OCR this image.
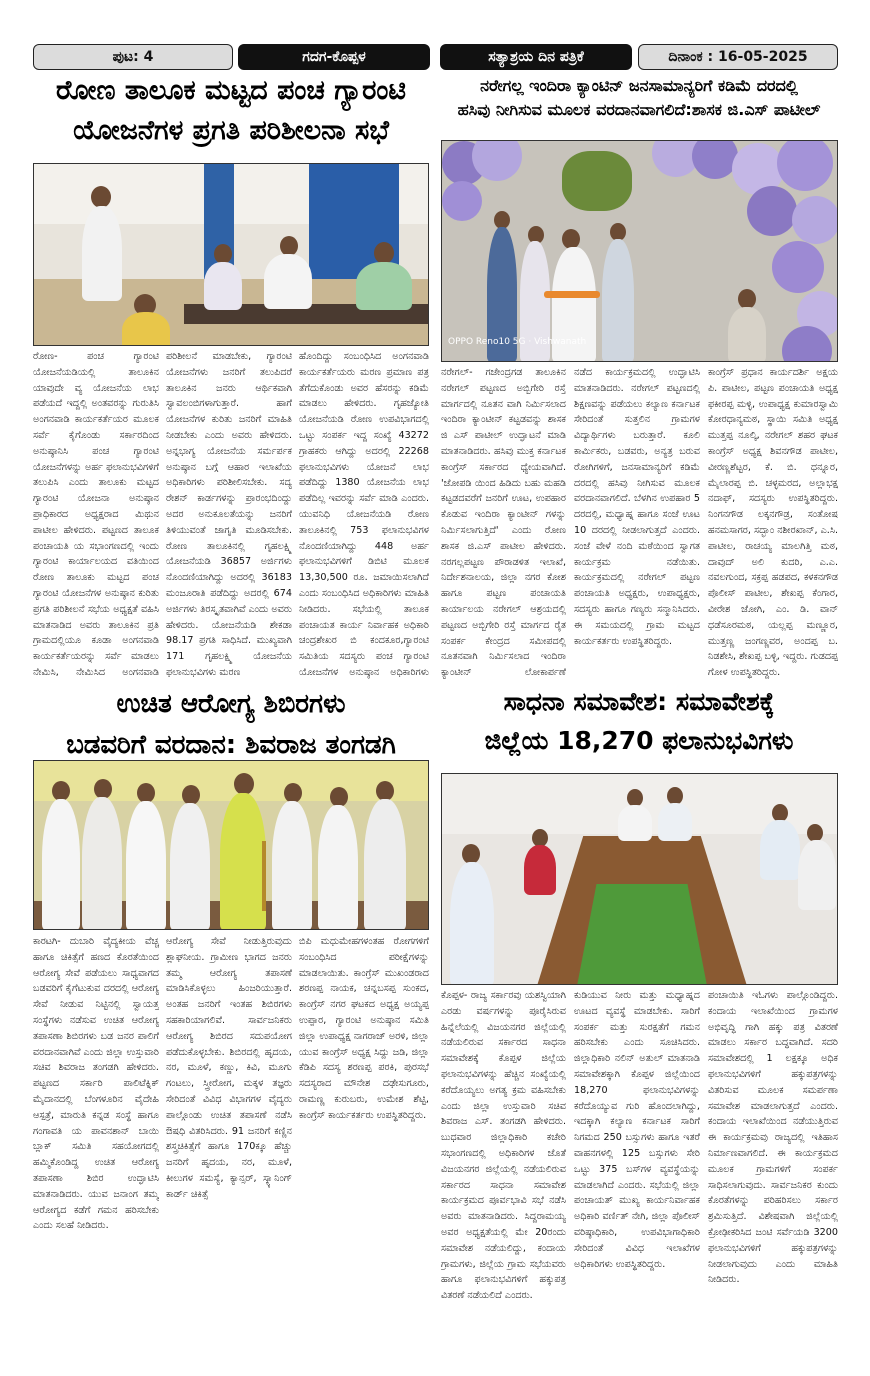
ಪುಟ: 4	ಗದಗ-ಕೊಪ್ಪಳ	ಸತ್ಯಾಶ್ರಯ ದಿನ ಪತ್ರಿಕೆ	ದಿನಾಂಕ : 16-05-2025
ರೋಣ ತಾಲೂಕ ಮಟ್ಟದ ಪಂಚ ಗ್ಯಾರಂಟಿ
ಯೋಜನೆಗಳ ಪ್ರಗತಿ ಪರಿಶೀಲನಾ ಸಭೆ

ರೋಣ- ಪಂಚ ಗ್ಯಾರಂಟಿ ಯೋಜನೆಯಡಿಯಲ್ಲಿ ತಾಲೂಕಿನ ಯಾವುದೇ ವ್ಯ ಯೋಜನೆಯ ಲಾಭ ಪಡೆಯದೆ ಇದ್ದಲ್ಲಿ ಅಂತವರನ್ನು ಗುರುತಿಸಿ ಅಂಗನವಾಡಿ ಕಾರ್ಯಕರ್ತೆಯರ ಮೂಲಕ ಸರ್ವೆ ಕೈಗೊಂಡು ಸರ್ಕಾರದಿಂದ ಅನುಷ್ಠಾನಿಸಿ ಪಂಚ ಗ್ಯಾರಂಟಿ ಯೋಜನೆಗಳನ್ನು ಅರ್ಹ ಫಲಾನುಭವಿಗಳಿಗೆ ತಲುಪಿಸಿ ಎಂದು ತಾಲೂಕು ಮಟ್ಟದ ಗ್ಯಾರಂಟಿ ಯೋಜನಾ ಅನುಷ್ಠಾನ ಪ್ರಾಧಿಕಾರದ ಅಧ್ಯಕ್ಷರಾದ ಮಿಥುನ ಪಾಟೀಲ ಹೇಳಿದರು. ಪಟ್ಟಣದ ತಾಲೂಕ ಪಂಚಾಯತಿ ಯ ಸಭಾಂಗಣದಲ್ಲಿ ಇಂದು ಗ್ಯಾರಂಟಿ ಕಾರ್ಯಾಲಯದ ವತಿಯಿಂದ ರೋಣ ತಾಲೂಕು ಮಟ್ಟದ ಪಂಚ ಗ್ಯಾರಂಟಿ ಯೋಜನೆಗಳ ಅನುಷ್ಠಾನ ಕುರಿತು ಪ್ರಗತಿ ಪರಿಶೀಲನೆ ಸಭೆಯ ಅಧ್ಯಕ್ಷತೆ ವಹಿಸಿ ಮಾತನಾಡಿದ ಅವರು ತಾಲೂಕಿನ ಪ್ರತಿ ಗ್ರಾಮದಲ್ಲಿಯೂ ಕೂಡಾ ಅಂಗನವಾಡಿ ಕಾರ್ಯಕರ್ತೆಯರನ್ನು ಸರ್ವೆ ಮಾಡಲು ನೇಮಿಸಿ, ನೇಮಿಸಿದ ಅಂಗನವಾಡಿ

ಪರಿಶೀಲನೆ ಮಾಡಬೇಕು, ಗ್ಯಾರಂಟಿ ಯೋಜನೆಗಳು ಜನರಿಗೆ ತಲುಪಿದರೆ ತಾಲೂಕಿನ ಜನರು ಆರ್ಥಿಕವಾಗಿ ಸ್ವಾವಲಂಬಿಗಳಾಗುತ್ತಾರೆ. ಹಾಗೆ ಯೋಜನೆಗಳ ಕುರಿತು ಜನರಿಗೆ ಮಾಹಿತಿ ನೀಡಬೇಕು ಎಂದು ಅವರು ಹೇಳಿದರು. ಅನ್ನಭಾಗ್ಯ ಯೋಜನೆಯ ಸರ್ಮರ್ಪಕ ಅನುಷ್ಠಾನ ಬಗ್ಗೆ ಆಹಾರ ಇಲಾಖೆಯ ಅಧಿಕಾರಿಗಳು ಪರಿಶೀಲಿಸಬೇಕು. ಸದ್ಯ ರೇಶನ್ ಕಾರ್ಡಗಳನ್ನು ಪ್ರಾರಂಭದಿಂದ್ದು ಅದರ ಅನುಕೂಲತೆಯನ್ನು ಜನರಿಗೆ ತಿಳಿಯುವಂತೆ ಜಾಗೃತಿ ಮೂಡಿಸಬೇಕು. ರೋಣ ತಾಲೂಕಿನಲ್ಲಿ ಗೃಹಲಕ್ಷ್ಮಿ ಯೋಜನೆಯಡಿ 36857 ಅರ್ಜಿಗಳು ನೊಂದಣಿಯಾಗಿದ್ದು ಅದರಲ್ಲಿ 36183 ಮಂಜೂರಾತಿ ಪಡೆದಿದ್ದು ಅದರಲ್ಲಿ 674 ಅರ್ಜಿಗಳು ತಿರಸ್ಕೃತವಾಗಿವೆ ಎಂದು ಅವರು ಹೇಳಿದರು. ಯೋಜನೆಯಡಿ ಶೇಕಡಾ 98.17 ಪ್ರಗತಿ ಸಾಧಿಸಿದೆ. ಮುಖ್ಯವಾಗಿ 171 ಗೃಹಲಕ್ಷ್ಮಿ ಯೋಜನೆಯ ಫಲಾನುಭವಿಗಳು ಮರಣ

ಹೊಂದಿದ್ದು ಸಂಬಂಧಿಸಿದ ಅಂಗನವಾಡಿ ಕಾರ್ಯಕರ್ತೆಯರು ಮರಣ ಪ್ರಮಾಣ ಪತ್ರ ತೆಗೆದುಕೊಂಡು ಅವರ ಹೆಸರನ್ನು ಕಡಿಮೆ ಮಾಡಲು ಹೇಳಿದರು. ಗೃಹಜ್ಯೋತಿ ಯೋಜನೆಯಡಿ ರೋಣ ಉಪವಿಭಾಗದಲ್ಲಿ ಒಟ್ಟು ಸಂಪರ್ಕ ಇದ್ದ ಸಂಖ್ಯೆ 43272 ಗ್ರಾಹಕರು ಆಗಿದ್ದು ಅದರಲ್ಲಿ 22268 ಫಲಾನುಭವಿಗಳು ಯೋಜನೆ ಲಾಭ ಪಡೆದಿದ್ದು 1380 ಯೋಜನೆಯ ಲಾಭ ಪಡೆದಿಲ್ಲ ಇವರನ್ನು ಸರ್ವೆ ಮಾಡಿ ಎಂದರು. ಯುವನಿಧಿ ಯೋಜನೆಯಡಿ ರೋಣ ತಾಲೂಕಿನಲ್ಲಿ 753 ಫಲಾನುಭವಿಗಳ ನೊಂದಣಿಯಾಗಿದ್ದು 448 ಅರ್ಹ ಫಲಾನುಭವಿಗಳಿಗೆ ಡಿಬಿಟಿ ಮೂಲಕ 13,30,500 ರೂ. ಜಮಾಯಿಸಲಾಗಿದೆ ಎಂದು ಸಂಬಂಧಿಸಿದ ಅಧಿಕಾರಿಗಳು ಮಾಹಿತಿ ನೀಡಿದರು. ಸಭೆಯಲ್ಲಿ ತಾಲೂಕ ಪಂಚಾಯತ ಕಾರ್ಯ ನಿರ್ವಾಹಕ ಅಧಿಕಾರಿ ಚಂದ್ರಶೇಖರ ಬಿ ಕಂದಕೂರ,ಗ್ಯಾರಂಟಿ ಸಮಿತಿಯ ಸದಸ್ಯರು ಪಂಚ ಗ್ಯಾರಂಟಿ ಯೋಜನೆಗಳ ಅನುಷ್ಠಾನ ಅಧಿಕಾರಿಗಳು

ನರೇಗಲ್ಲ ಇಂದಿರಾ ಕ್ಯಾಂಟಿನ್ ಜನಸಾಮಾನ್ಯರಿಗೆ ಕಡಿಮೆ ದರದಲ್ಲಿ
ಹಸಿವು ನೀಗಿಸುವ ಮೂಲಕ ವರದಾನವಾಗಲಿದೆ:ಶಾಸಕ ಜಿ.ಎಸ್ ಪಾಟೀಲ್
OPPO Reno10 5G · Vishwanath

ನರೇಗಲ್- ಗಜೇಂದ್ರಗಡ ತಾಲೂಕಿನ ನರೇಗಲ್ ಪಟ್ಟಣದ ಅಬ್ಬಿಗೇರಿ ರಸ್ತೆ ಮಾರ್ಗದಲ್ಲಿ ನೂತನ ವಾಗಿ ನಿರ್ಮಿಸಲಾದ ಇಂದಿರಾ ಕ್ಯಾಂಟೀನ್ ಕಟ್ಟಡವನ್ನು ಶಾಸಕ ಜಿ ಎಸ್ ಪಾಟೀಲ್ ಉದ್ಘಾಟನೆ ಮಾಡಿ ಮಾತನಾಡಿದರು. ಹಸಿವು ಮುಕ್ತ ಕರ್ನಾಟಕ ಕಾಂಗ್ರೆಸ್ ಸರ್ಕಾರದ ಧ್ಯೇಯವಾಗಿದೆ. 'ಜೋಪಡಿ ಯಿಂದ ಹಿಡಿದು ಬಹು ಮಹಡಿ ಕಟ್ಟಡದವರೆಗೆ ಜನರಿಗೆ ಊಟ, ಉಪಹಾರ ಕೊಡುವ ಇಂದಿರಾ ಕ್ಯಾಂಟೀನ್ ಗಳನ್ನು ನಿರ್ಮಿಸಲಾಗುತ್ತಿದೆ' ಎಂದು ರೋಣ ಶಾಸಕ ಜಿ.ಎಸ್ ಪಾಟೀಲ ಹೇಳಿದರು. ನರಗಲ್ಲಪಟ್ಟಣ ಪೌರಾಡಳಿತ ಇಲಾಖೆ, ನಿರ್ದೇಶನಾಲಯ, ಜಿಲ್ಲಾ ನಗರ ಕೋಶ ಹಾಗೂ ಪಟ್ಟಣ ಪಂಚಾಯತಿ ಕಾರ್ಯಾಲಯ ನರೇಗಲ್ ಆಶ್ರಯದಲ್ಲಿ ಪಟ್ಟಣದ ಅಬ್ಬಿಗೇರಿ ರಸ್ತೆ ಮಾರ್ಗದ ರೈತ ಸಂಪರ್ಕ ಕೇಂದ್ರದ ಸಮೀಪದಲ್ಲಿ ನೂತನವಾಗಿ ನಿರ್ಮಿಸಲಾದ ಇಂದಿರಾ ಕ್ಯಾಂಟೀನ್ ಲೋಕಾರ್ಪಣೆ

ನಡೆದ ಕಾರ್ಯಕ್ರಮದಲ್ಲಿ ಉದ್ಘಾಟಿಸಿ ಮಾತನಾಡಿದರು. ನರೇಗಲ್ ಪಟ್ಟಣದಲ್ಲಿ ಶಿಕ್ಷಣವನ್ನು ಪಡೆಯಲು ಕಲ್ಯಾಣ ಕರ್ನಾಟಕ ಸೇರಿದಂತೆ ಸುತ್ತಲಿನ ಗ್ರಾಮಗಳ ವಿದ್ಯಾರ್ಥಿಗಳು ಬರುತ್ತಾರೆ. ಕೂಲಿ ಕಾರ್ಮಿಕರು, ಬಡವರು, ಅನ್ಯತ್ರ ಬರುವ ರೋಗಿಗಳಿಗೆ, ಜನಸಾಮಾನ್ಯರಿಗೆ ಕಡಿಮೆ ದರದಲ್ಲಿ ಹಸಿವು ನೀಗಿಸುವ ಮೂಲಕ ವರದಾನವಾಗಲಿದೆ. ಬೆಳಗಿನ ಉಪಹಾರ 5 ದರದಲ್ಲಿ, ಮಧ್ಯಾಹ್ನ ಹಾಗೂ ಸಂಜೆ ಊಟ 10 ದರದಲ್ಲಿ ನೀಡಲಾಗುತ್ತದೆ ಎಂದರು. ಸಂಜೆ ವೇಳೆ ನಂದಿ ಮಠೆಯಿಂದ ಸ್ವಾಗತ ಕಾರ್ಯಕ್ರಮ ನಡೆಯಿತು. ಕಾರ್ಯಕ್ರಮದಲ್ಲಿ ನರೇಗಲ್ ಪಟ್ಟಣ ಪಂಚಾಯತಿ ಅಧ್ಯಕ್ಷರು, ಉಪಾಧ್ಯಕ್ಷರು, ಸದಸ್ಯರು ಹಾಗೂ ಗಣ್ಯರು ಸನ್ಮಾನಿಸಿದರು. ಈ ಸಮಯದಲ್ಲಿ ಗ್ರಾಮ ಮಟ್ಟದ ಕಾರ್ಯಕರ್ತರು ಉಪಸ್ಥಿತರಿದ್ದರು.

ಕಾಂಗ್ರೆಸ್ ಪ್ರಧಾನ ಕಾರ್ಯದರ್ಶಿ ಅಕ್ಷಯ ಪಿ. ಪಾಟೀಲ, ಪಟ್ಟಣ ಪಂಚಾಯತಿ ಅಧ್ಯಕ್ಷ ಫಕೀರಪ್ಪ ಮಳ್ಳಿ, ಉಪಾಧ್ಯಕ್ಷ ಕುಮಾರಸ್ವಾಮಿ ಕೋರಧಾನ್ಯಮಠ, ಸ್ಥಾಯಿ ಸಮಿತಿ ಅಧ್ಯಕ್ಷ ಮುತ್ತಪ್ಪ ನೂಲ್ಕಿ, ನರೇಗಲ್ ಶಹರ ಘಟಕ ಕಾಂಗ್ರೆಸ್ ಅಧ್ಯಕ್ಷ ಶಿವನಗೌಡ ಪಾಟೀಲ, ವೀರಣ್ಣಶೆಟ್ಟರ, ಕೆ. ಬಿ. ಧನ್ನೂರ, ಮೈಲಾರಪ್ಪ ಬಿ. ಚಳ್ಳಮರದ, ಅಲ್ಲಾಭಕ್ಷ ನದಾಫ್, ಸದಸ್ಯರು ಉಪಸ್ಥಿತರಿದ್ದರು. ನಿಂಗನಗೌಡ ಲಕ್ಕನಗೌಡ್ರ, ಸಂತೋಷ ಹನಮಸಾಗರ, ಸದ್ಭಾಂ ನಶೀರಖಾನ್, ಎ.ಸಿ. ಪಾಟೀಲ, ರಾಚಯ್ಯ ಮಾಲಗಿತ್ತಿ ಮಠ, ದಾವುದ್ ಅಲಿ ಕುದರಿ, ಎ.ಎ. ನವಲಗುಂದ, ಸಕ್ರಪ್ಪ ಹಡಪದ, ಕಳಕನಗೌಡ ಪೊಲೀಸ್ ಪಾಟೀಲ, ಶೇಖಪ್ಪ ಕೆಂಗಾರ, ವೀರೇಶ ಜೋಗಿ, ಎಂ. ಡಿ. ವಾನ್ ಧಡೆಸೂರಮಠ, ಯಲ್ಲಪ್ಪ ಮಣ್ಣೂರ, ಮುತ್ತಣ್ಣ ಜಂಗಣ್ಣವರ, ಅಂದಪ್ಪ ಬ. ನಿಡಶೇಸಿ, ಶೇಖಪ್ಪ ಬಳ್ಳಿ, ಇದ್ದರು. ಗುಡದಪ್ಪ ಗೋಳ ಉಪಸ್ಥಿತರಿದ್ದರು.

ಉಚಿತ ಆರೋಗ್ಯ ಶಿಬಿರಗಳು
ಬಡವರಿಗೆ ವರದಾನ: ಶಿವರಾಜ ತಂಗಡಗಿ

ಕಾರಟಗಿ- ದುಬಾರಿ ವೈದ್ಯಕೀಯ ವೆಚ್ಚ ಹಾಗೂ ಚಿಕಿತ್ಸೆಗೆ ಹಣದ ಕೊರತೆಯಿಂದ ಆರೋಗ್ಯ ಸೇವೆ ಪಡೆಯಲು ಸಾಧ್ಯವಾಗದ ಬಡವರಿಗೆ ಕೈಗೆಟುಕುವ ದರದಲ್ಲಿ ಆರೋಗ್ಯ ಸೇವೆ ನೀಡುವ ನಿಟ್ಟಿನಲ್ಲಿ ಸ್ವಾಯತ್ತ ಸಂಸ್ಥೆಗಳು ನಡೆಸುವ ಉಚಿತ ಆರೋಗ್ಯ ತಪಾಸಣಾ ಶಿಬಿರಗಳು ಬಡ ಜನರ ಪಾಲಿಗೆ ವರದಾನವಾಗಿವೆ ಎಂದು ಜಿಲ್ಲಾ ಉಸ್ತುವಾರಿ ಸಚಿವ ಶಿವರಾಜ ತಂಗಡಗಿ ಹೇಳಿದರು. ಪಟ್ಟಣದ ಸರ್ಕಾರಿ ಪಾಲಿಟೆಕ್ನಿಕ್ ಮೈದಾನದಲ್ಲಿ ಬೆಂಗಳೂರಿನ ವೈದೇಹಿ ಆಸ್ಪತ್ರೆ, ಮಾರುತಿ ಕನ್ನಡ ಸಂಸ್ಥೆ ಹಾಗೂ ಗಂಗಾವತಿ ಯ ಪಾವನಶಾನ್ ಬಾಯಿ ಬ್ಲಾಕ್ ಸಮಿತಿ ಸಹಯೋಗದಲ್ಲಿ ಹಮ್ಮಿಕೊಂಡಿದ್ದ ಉಚಿತ ಆರೋಗ್ಯ ತಪಾಸಣಾ ಶಿಬಿರ ಉದ್ಘಾಟಿಸಿ ಮಾತನಾಡಿದರು. ಯುವ ಜನಾಂಗ ತಮ್ಮ ಆರೋಗ್ಯದ ಕಡೆಗೆ ಗಮನ ಹರಿಸಬೇಕು ಎಂದು ಸಲಹೆ ನೀಡಿದರು.

ಆರೋಗ್ಯ ಸೇವೆ ನೀಡುತ್ತಿರುವುದು ಶ್ಲಾಘನೀಯ. ಗ್ರಾಮೀಣ ಭಾಗದ ಜನರು ತಮ್ಮ ಆರೋಗ್ಯ ತಪಾಸಣೆ ಮಾಡಿಸಿಕೊಳ್ಳಲು ಹಿಂಜರಿಯುತ್ತಾರೆ. ಅಂತಹ ಜನರಿಗೆ ಇಂತಹ ಶಿಬಿರಗಳು ಸಹಕಾರಿಯಾಗಲಿವೆ. ಸಾರ್ವಜನಿಕರು ಆರೋಗ್ಯ ಶಿಬಿರದ ಸದುಪಯೋಗ ಪಡೆದುಕೊಳ್ಳಬೇಕು. ಶಿಬಿರದಲ್ಲಿ ಹೃದಯ, ನರ, ಮೂಳೆ, ಕಣ್ಣು, ಕಿವಿ, ಮೂಗು ಗಂಟಲು, ಸ್ತ್ರೀರೋಗ, ಮಕ್ಕಳ ತಜ್ಞರು ಸೇರಿದಂತೆ ವಿವಿಧ ವಿಭಾಗಗಳ ವೈದ್ಯರು ಪಾಲ್ಗೊಂಡು ಉಚಿತ ತಪಾಸಣೆ ನಡೆಸಿ ಔಷಧಿ ವಿತರಿಸಿದರು. 91 ಜನರಿಗೆ ಕಣ್ಣಿನ ಶಸ್ತ್ರಚಿಕಿತ್ಸೆಗೆ ಹಾಗೂ 170ಕ್ಕೂ ಹೆಚ್ಚು ಜನರಿಗೆ ಹೃದಯ, ನರ, ಮೂಳೆ, ಕೀಲುಗಳ ಸಮಸ್ಯೆ, ಕ್ಯಾನ್ಸರ್, ಸ್ಕ್ಯಾನಿಂಗ್ ಕಾರ್ಡ್ ಚಿಕಿತ್ಸೆ

ಬಿಪಿ ಮಧುಮೇಹಗಳಂತಹ ರೋಗಗಳಿಗೆ ಸಂಬಂಧಿಸಿದ ಪರೀಕ್ಷೆಗಳನ್ನು ಮಾಡಲಾಯಿತು. ಕಾಂಗ್ರೆಸ್ ಮುಖಂಡರಾದ ಶರಣಪ್ಪ ನಾಯಕ, ಚನ್ನಬಸಪ್ಪ ಸುಂಕದ, ಕಾಂಗ್ರೆಸ್ ನಗರ ಘಟಕದ ಅಧ್ಯಕ್ಷ ಅಯ್ಯಪ್ಪ ಉಪ್ಪಾರ, ಗ್ಯಾರಂಟಿ ಅನುಷ್ಠಾನ ಸಮಿತಿ ಜಿಲ್ಲಾ ಉಪಾಧ್ಯಕ್ಷ ನಾಗರಾಜ್ ಅರಳಿ, ಜಿಲ್ಲಾ ಯುವ ಕಾಂಗ್ರೆಸ್ ಅಧ್ಯಕ್ಷ ಸಿದ್ದು ಜಡಿ, ಜಿಲ್ಲಾ ಕೆಡಿಪಿ ಸದಸ್ಯ ಶರಣಪ್ಪ ಪರಕಿ, ಪುರಸಭೆ ಸದಸ್ಯರಾದ ಮೌನೇಶ ದಢೇಸುಗೂರು, ರಾಮಣ್ಣ ಕುರುಬರು, ಉಮೇಶ ಶೆಟ್ಟಿ, ಕಾಂಗ್ರೆಸ್ ಕಾರ್ಯಕರ್ತರು ಉಪಸ್ಥಿತರಿದ್ದರು.

ಸಾಧನಾ ಸಮಾವೇಶ: ಸಮಾವೇಶಕ್ಕೆ
ಜಿಲ್ಲೆಯ 18,270 ಫಲಾನುಭವಿಗಳು

ಕೊಪ್ಪಳ- ರಾಜ್ಯ ಸರ್ಕಾರವು ಯಶಸ್ವಿಯಾಗಿ ಎರಡು ವರ್ಷಗಳನ್ನು ಪೂರೈಸಿರುವ ಹಿನ್ನೆಲೆಯಲ್ಲಿ ವಿಜಯನಗರ ಜಿಲ್ಲೆಯಲ್ಲಿ ನಡೆಯಲಿರುವ ಸರ್ಕಾರದ ಸಾಧನಾ ಸಮಾವೇಶಕ್ಕೆ ಕೊಪ್ಪಳ ಜಿಲ್ಲೆಯ ಫಲಾನುಭವಿಗಳನ್ನು ಹೆಚ್ಚಿನ ಸಂಖ್ಯೆಯಲ್ಲಿ ಕರೆದೊಯ್ಯಲು ಅಗತ್ಯ ಕ್ರಮ ವಹಿಸಬೇಕು ಎಂದು ಜಿಲ್ಲಾ ಉಸ್ತುವಾರಿ ಸಚಿವ ಶಿವರಾಜ ಎಸ್. ತಂಗಡಗಿ ಹೇಳಿದರು. ಬುಧವಾರ ಜಿಲ್ಲಾಧಿಕಾರಿ ಕಚೇರಿ ಸಭಾಂಗಣದಲ್ಲಿ ಅಧಿಕಾರಿಗಳ ಜೊತೆ ವಿಜಯನಗರ ಜಿಲ್ಲೆಯಲ್ಲಿ ನಡೆಯಲಿರುವ ಸರ್ಕಾರದ ಸಾಧನಾ ಸಮಾವೇಶ ಕಾರ್ಯಕ್ರಮದ ಪೂರ್ವಭಾವಿ ಸಭೆ ನಡೆಸಿ ಅವರು ಮಾತನಾಡಿದರು. ಸಿದ್ದರಾಮಯ್ಯ ಅವರ ಅಧ್ಯಕ್ಷತೆಯಲ್ಲಿ ಮೇ 20ರಂದು ಸಮಾವೇಶ ನಡೆಯಲಿದ್ದು, ಕಂದಾಯ ಗ್ರಾಮಗಳು, ಜಿಲ್ಲೆಯ ಗ್ರಾಮ ಸಭೆಯವರು ಹಾಗೂ ಫಲಾನುಭವಿಗಳಿಗೆ ಹಕ್ಕುಪತ್ರ ವಿತರಣೆ ನಡೆಯಲಿದೆ ಎಂದರು.

ಕುಡಿಯುವ ನೀರು ಮತ್ತು ಮಧ್ಯಾಹ್ನದ ಊಟದ ವ್ಯವಸ್ಥೆ ಮಾಡಬೇಕು. ಸಾರಿಗೆ ಸಂಪರ್ಕ ಮತ್ತು ಸುರಕ್ಷತೆಗೆ ಗಮನ ಹರಿಸಬೇಕು ಎಂದು ಸೂಚಿಸಿದರು. ಜಿಲ್ಲಾಧಿಕಾರಿ ನಲಿನ್ ಅತುಲ್ ಮಾತನಾಡಿ ಸಮಾವೇಶಕ್ಕಾಗಿ ಕೊಪ್ಪಳ ಜಿಲ್ಲೆಯಿಂದ 18,270 ಫಲಾನುಭವಿಗಳನ್ನು ಕರೆದೊಯ್ಯುವ ಗುರಿ ಹೊಂದಲಾಗಿದ್ದು, ಇದಕ್ಕಾಗಿ ಕಲ್ಯಾಣ ಕರ್ನಾಟಕ ಸಾರಿಗೆ ನಿಗಮದ 250 ಬಸ್ಸುಗಳು ಹಾಗೂ ಇತರೆ ವಾಹನಗಳಲ್ಲಿ 125 ಬಸ್ಸುಗಳು ಸೇರಿ ಒಟ್ಟು 375 ಬಸ್‌ಗಳ ವ್ಯವಸ್ಥೆಯನ್ನು ಮಾಡಲಾಗಿದೆ ಎಂದರು. ಸಭೆಯಲ್ಲಿ ಜಿಲ್ಲಾ ಪಂಚಾಯತ್ ಮುಖ್ಯ ಕಾರ್ಯನಿರ್ವಾಹಕ ಅಧಿಕಾರಿ ವರ್ಣಿತ್ ನೇಗಿ, ಜಿಲ್ಲಾ ಪೊಲೀಸ್ ವರಿಷ್ಠಾಧಿಕಾರಿ, ಉಪವಿಭಾಗಾಧಿಕಾರಿ ಸೇರಿದಂತೆ ವಿವಿಧ ಇಲಾಖೆಗಳ ಅಧಿಕಾರಿಗಳು ಉಪಸ್ಥಿತರಿದ್ದರು.

ಪಂಚಾಯಿತಿ ಇಓಗಳು ಪಾಲ್ಗೊಂಡಿದ್ದರು. ಕಂದಾಯ ಇಲಾಖೆಯಿಂದ ಗ್ರಾಮಗಳ ಅಭಿವೃದ್ಧಿ ಗಾಗಿ ಹಕ್ಕು ಪತ್ರ ವಿತರಣೆ ಮಾಡಲು ಸರ್ಕಾರ ಬದ್ಧವಾಗಿದೆ. ಸದರಿ ಸಮಾವೇಶದಲ್ಲಿ 1 ಲಕ್ಷಕ್ಕೂ ಅಧಿಕ ಫಲಾನುಭವಿಗಳಿಗೆ ಹಕ್ಕುಪತ್ರಗಳನ್ನು ವಿತರಿಸುವ ಮೂಲಕ ಸಮರ್ಪಣಾ ಸಮಾವೇಶ ಮಾಡಲಾಗುತ್ತದೆ ಎಂದರು. ಕಂದಾಯ ಇಲಾಖೆಯಿಂದ ನಡೆಯುತ್ತಿರುವ ಈ ಕಾರ್ಯಕ್ರಮವು ರಾಜ್ಯದಲ್ಲಿ ಇತಿಹಾಸ ನಿರ್ಮಾಣವಾಗಲಿದೆ. ಈ ಕಾರ್ಯಕ್ರಮದ ಮೂಲಕ ಗ್ರಾಮಗಳಿಗೆ ಸಂಪರ್ಕ ಸಾಧಿಸಲಾಗುವುದು. ಸಾರ್ವಜನಿಕರ ಕುಂದು ಕೊರತೆಗಳನ್ನು ಪರಿಹರಿಸಲು ಸರ್ಕಾರ ಶ್ರಮಿಸುತ್ತಿದೆ. ವಿಶೇಷವಾಗಿ ಜಿಲ್ಲೆಯಲ್ಲಿ ಕ್ರೋಢೀಕರಿಸಿದ ಜಂಟಿ ಸರ್ವೆಯಡಿ 3200 ಫಲಾನುಭವಿಗಳಿಗೆ ಹಕ್ಕುಪತ್ರಗಳನ್ನು ನೀಡಲಾಗುವುದು ಎಂದು ಮಾಹಿತಿ ನೀಡಿದರು.
